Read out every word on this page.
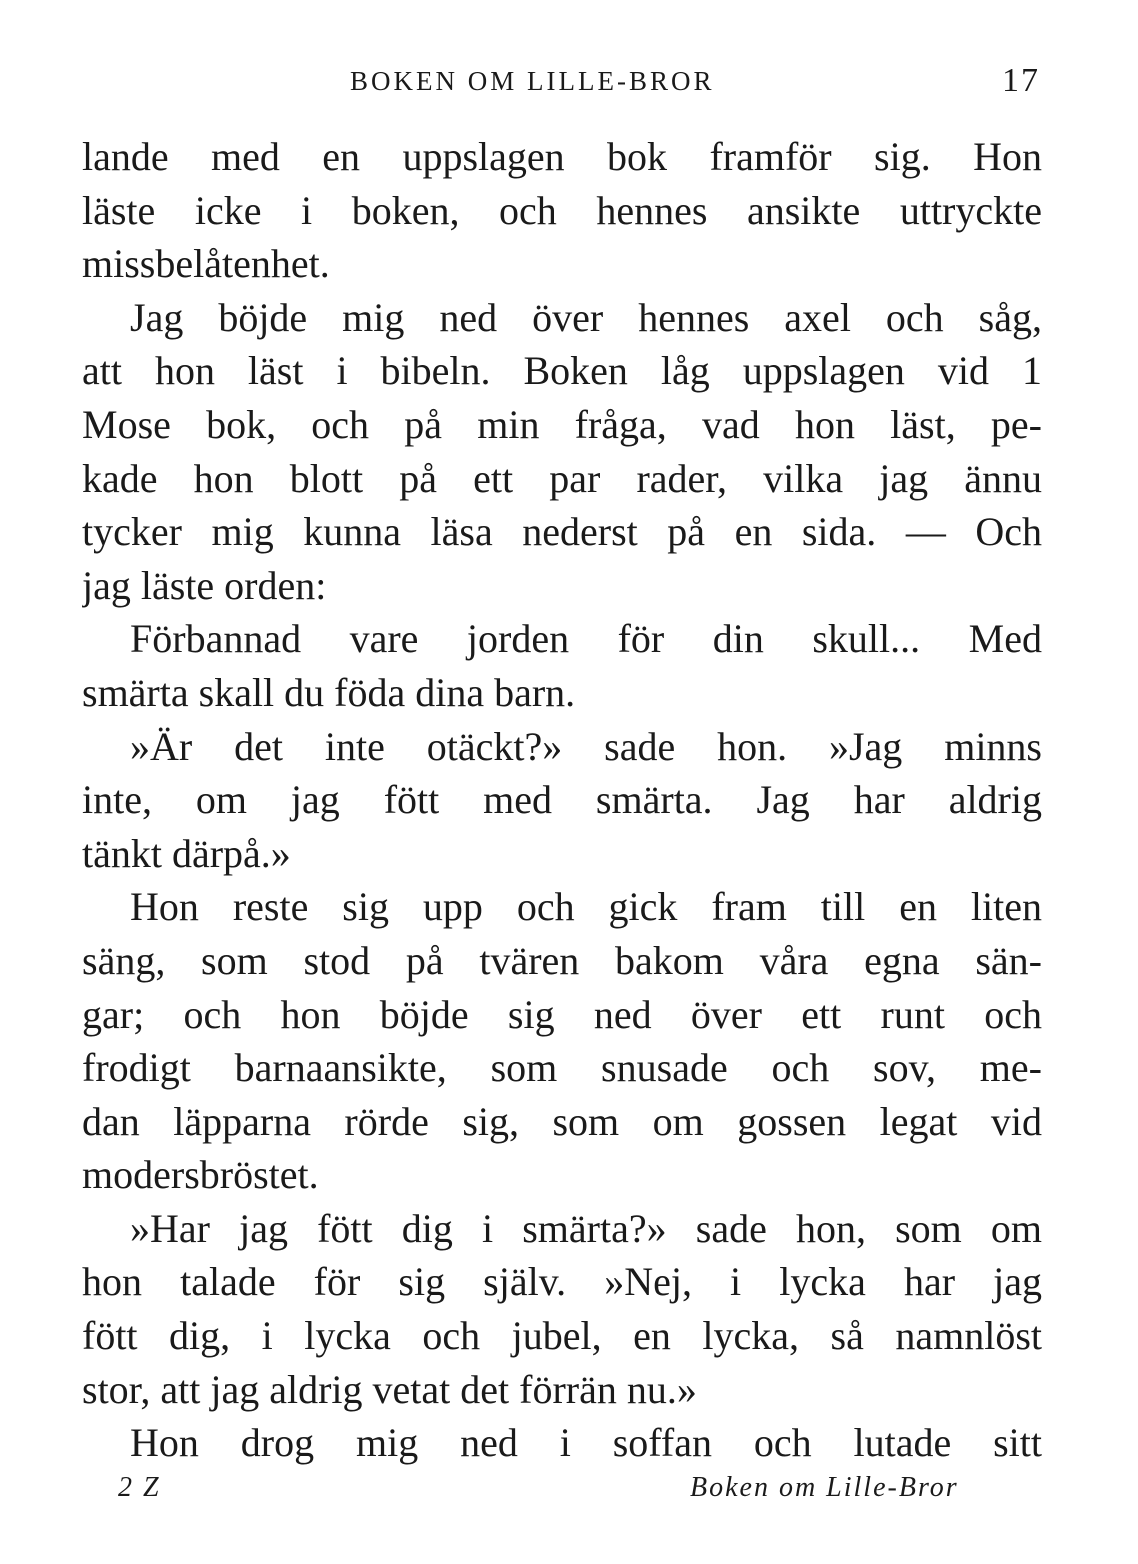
BOKEN OM LILLE-BROR	17
lande med en uppslagen bok framför sig. Hon
läste icke i boken, och hennes ansikte uttryckte
missbelåtenhet.
Jag böjde mig ned över hennes axel och såg,
att hon läst i bibeln. Boken låg uppslagen vid 1
Mose bok, och på min fråga, vad hon läst, pe-
kade hon blott på ett par rader, vilka jag ännu
tycker mig kunna läsa nederst på en sida. — Och
jag läste orden:
Förbannad vare jorden för din skull... Med
smärta skall du föda dina barn.
»Är det inte otäckt?» sade hon. »Jag minns
inte, om jag fött med smärta. Jag har aldrig
tänkt därpå.»
Hon reste sig upp och gick fram till en liten
säng, som stod på tvären bakom våra egna sän-
gar; och hon böjde sig ned över ett runt och
frodigt barnaansikte, som snusade och sov, me-
dan läpparna rörde sig, som om gossen legat vid
modersbröstet.
»Har jag fött dig i smärta?» sade hon, som om
hon talade för sig själv. »Nej, i lycka har jag
fött dig, i lycka och jubel, en lycka, så namnlöst
stor, att jag aldrig vetat det förrän nu.»
Hon drog mig ned i soffan och lutade sitt
2 Z	Boken om Lille-Bror
